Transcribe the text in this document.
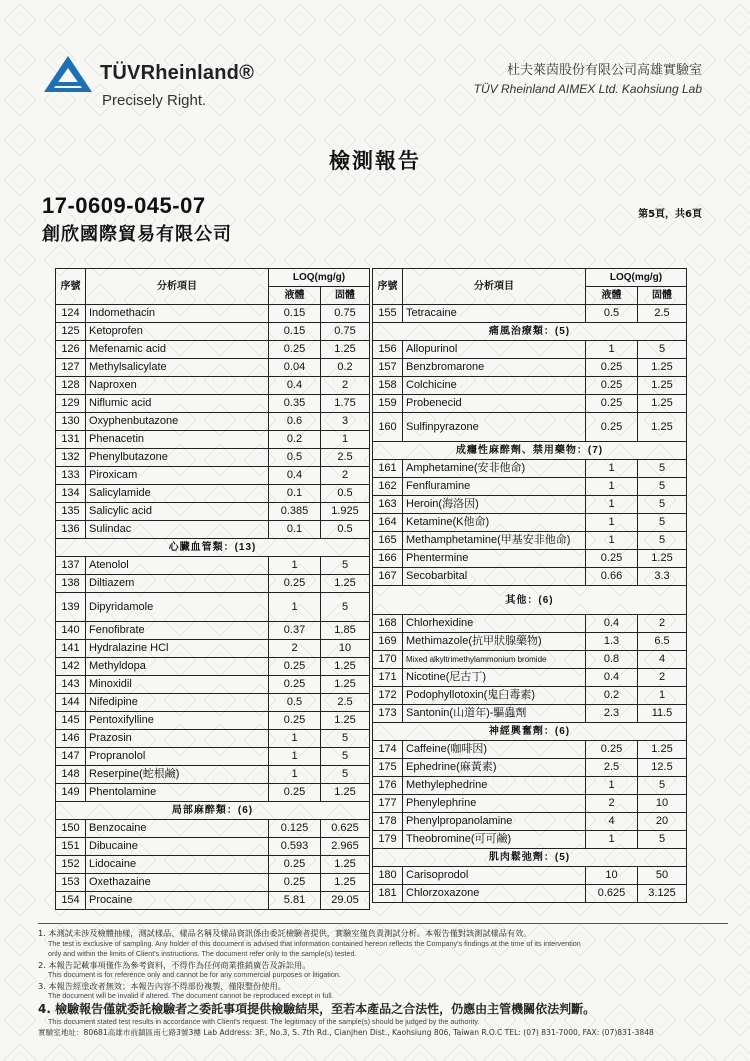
TÜVRheinland®
Precisely Right.
杜夫萊茵股份有限公司高雄實驗室
TÜV Rheinland AIMEX Ltd. Kaohsiung Lab
檢測報告
17-0609-045-07
創欣國際貿易有限公司
第5頁，共6頁
序號	分析項目	LOQ(mg/g)	
		液體	固體
124	Indomethacin	0.15	0.75
125	Ketoprofen	0.15	0.75
126	Mefenamic acid	0.25	1.25
127	Methylsalicylate	0.04	0.2
128	Naproxen	0.4	2
129	Niflumic acid	0.35	1.75
130	Oxyphenbutazone	0.6	3
131	Phenacetin	0.2	1
132	Phenylbutazone	0.5	2.5
133	Piroxicam	0.4	2
134	Salicylamide	0.1	0.5
135	Salicylic acid	0.385	1.925
136	Sulindac	0.1	0.5
心臟血管類：(13)			
137	Atenolol	1	5
138	Diltiazem	0.25	1.25
139	Dipyridamole	1	5
140	Fenofibrate	0.37	1.85
141	Hydralazine HCl	2	10
142	Methyldopa	0.25	1.25
143	Minoxidil	0.25	1.25
144	Nifedipine	0.5	2.5
145	Pentoxifylline	0.25	1.25
146	Prazosin	1	5
147	Propranolol	1	5
148	Reserpine(蛇根鹼)	1	5
149	Phentolamine	0.25	1.25
局部麻醉類：(6)			
150	Benzocaine	0.125	0.625
151	Dibucaine	0.593	2.965
152	Lidocaine	0.25	1.25
153	Oxethazaine	0.25	1.25
154	Procaine	5.81	29.05
序號	分析項目	LOQ(mg/g)	
		液體	固體
155	Tetracaine	0.5	2.5
痛風治療類：(5)			
156	Allopurinol	1	5
157	Benzbromarone	0.25	1.25
158	Colchicine	0.25	1.25
159	Probenecid	0.25	1.25
160	Sulfinpyrazone	0.25	1.25
成癮性麻醉劑、禁用藥物：(7)			
161	Amphetamine(安非他命)	1	5
162	Fenfluramine	1	5
163	Heroin(海洛因)	1	5
164	Ketamine(K他命)	1	5
165	Methamphetamine(甲基安非他命)	1	5
166	Phentermine	0.25	1.25
167	Secobarbital	0.66	3.3
其他：(6)			
168	Chlorhexidine	0.4	2
169	Methimazole(抗甲狀腺藥物)	1.3	6.5
170	Mixed alkyltrimethylammonium bromide	0.8	4
171	Nicotine(尼古丁)	0.4	2
172	Podophyllotoxin(鬼臼毒素)	0.2	1
173	Santonin(山道年)-驅蟲劑	2.3	11.5
神經興奮劑：(6)			
174	Caffeine(咖啡因)	0.25	1.25
175	Ephedrine(麻黃素)	2.5	12.5
176	Methylephedrine	1	5
177	Phenylephrine	2	10
178	Phenylpropanolamine	4	20
179	Theobromine(可可鹼)	1	5
肌肉鬆弛劑：(5)			
180	Carisoprodol	10	50
181	Chlorzoxazone	0.625	3.125
1. 本測試未涉及檢體抽樣，測試樣品、樣品名稱及樣品資訊係由委託檢驗者提供，實驗室僅負責測試分析。本報告僅對該測試樣品有效。
The test is exclusive of sampling. Any holder of this document is advised that information contained hereon reflects the Company's findings at the time of its intervention
only and within the limits of Client's instructions. The document refer only to the sample(s) tested.
2. 本報告記載事項僅作為參考資料，不得作為任何商業推銷廣告及訴訟用。
This document is for reference only and cannot be for any commercial purposes or litigation.
3. 本報告經塗改者無效；本報告內容不得部份複製，僅限整份使用。
The document will be invalid if altered. The document cannot be reproduced except in full.
4. 檢驗報告僅就委託檢驗者之委託事項提供檢驗結果，至若本產品之合法性，仍應由主管機關依法判斷。
This document stated test results in accordance with Client's request. The legitimacy of the sample(s) should be judged by the authority.
實驗室地址：80681高雄市前鎮區南七路3號3樓 Lab Address: 3F., No.3, S. 7th Rd., Cianjhen Dist., Kaohsiung 806, Taiwan R.O.C TEL: (07) 831-7000, FAX: (07)831-3848
